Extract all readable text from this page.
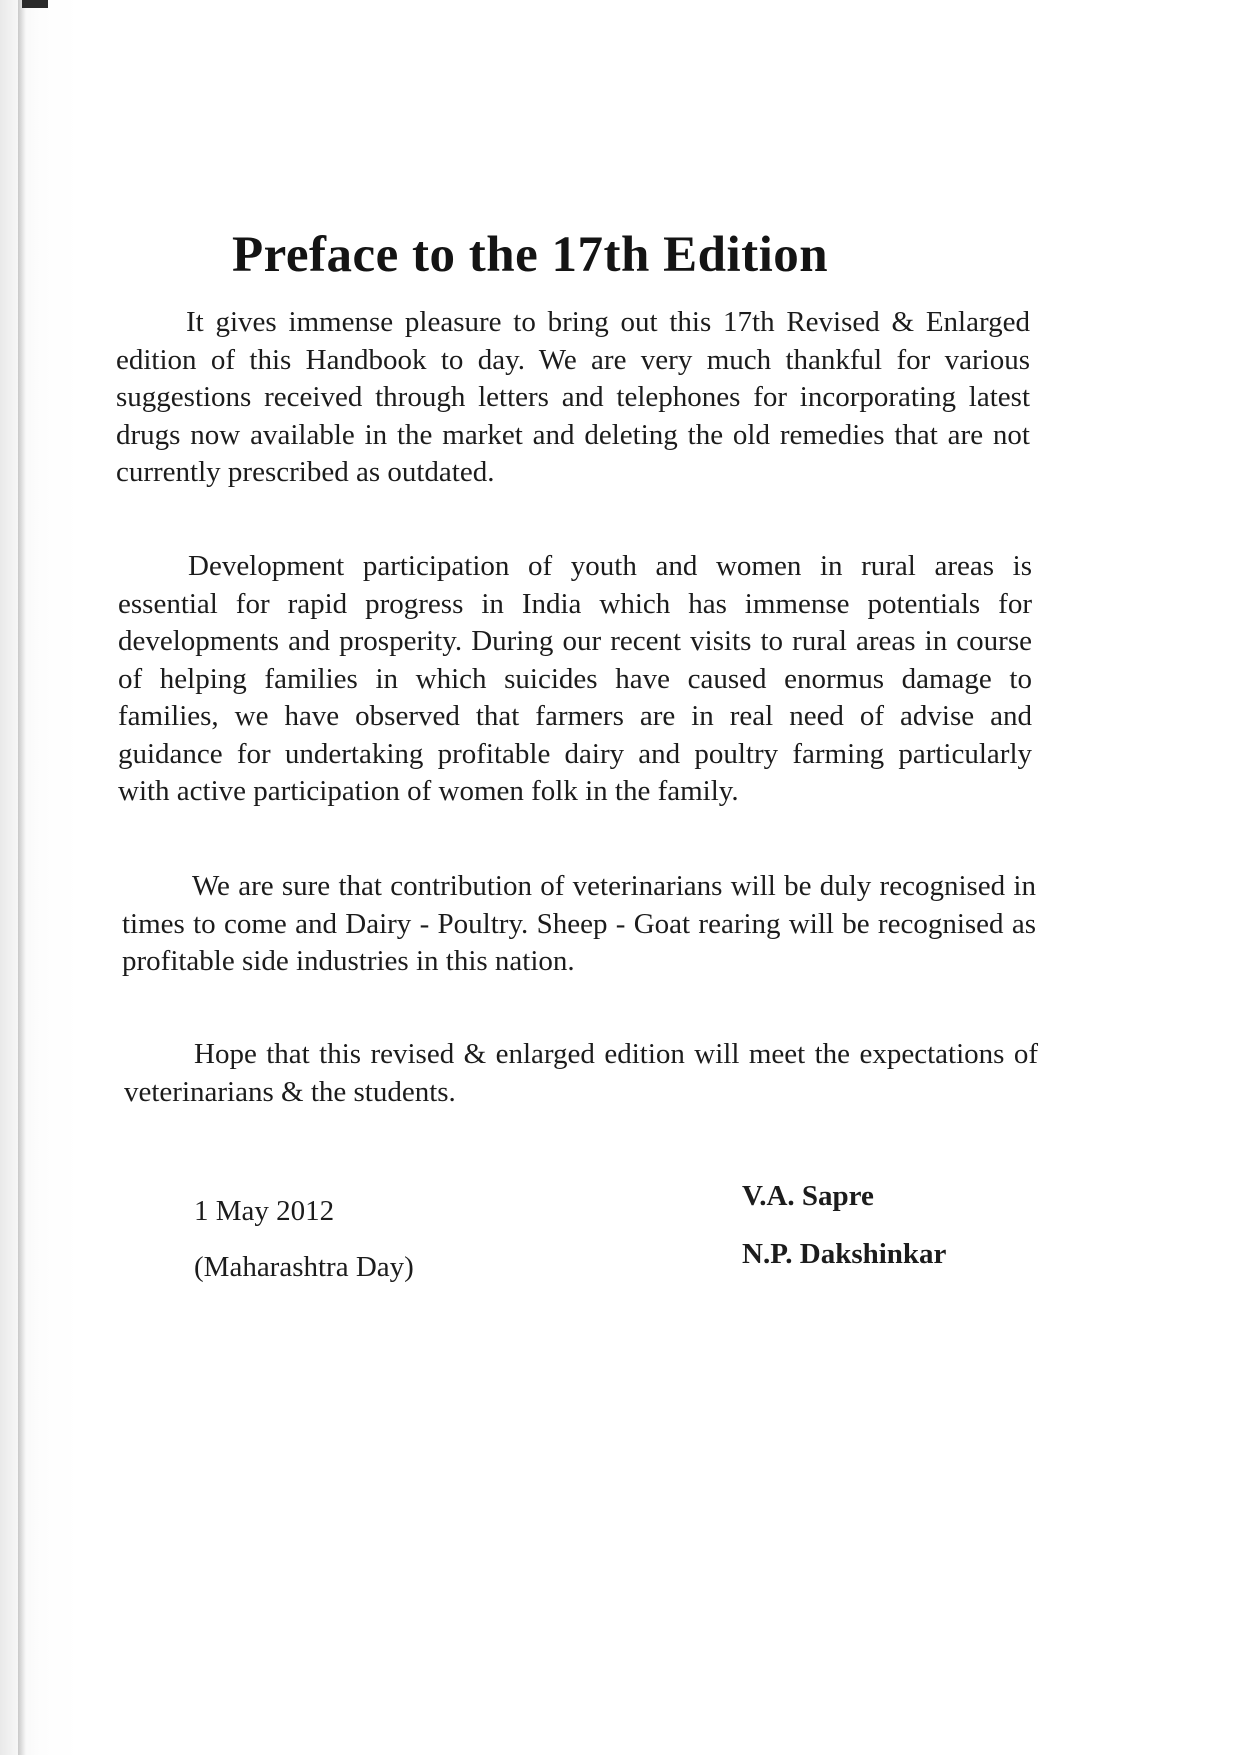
Preface to the 17th Edition

It gives immense pleasure to bring out this 17th Revised & Enlarged edition of this Handbook to day. We are very much thankful for various suggestions received through letters and telephones for incorporating latest drugs now available in the market and deleting the old remedies that are not currently prescribed as outdated.

Development participation of youth and women in rural areas is essential for rapid progress in India which has immense potentials for developments and prosperity. During our recent visits to rural areas in course of helping families in which suicides have caused enormus damage to families, we have observed that farmers are in real need of advise and guidance for undertaking profitable dairy and poultry farming particularly with active participation of women folk in the family.

We are sure that contribution of veterinarians will be duly recognised in times to come and Dairy - Poultry. Sheep - Goat rearing will be recognised as profitable side industries in this nation.

Hope that this revised & enlarged edition will meet the expectations of veterinarians & the students.

1 May 2012

(Maharashtra Day)

V.A. Sapre

N.P. Dakshinkar
